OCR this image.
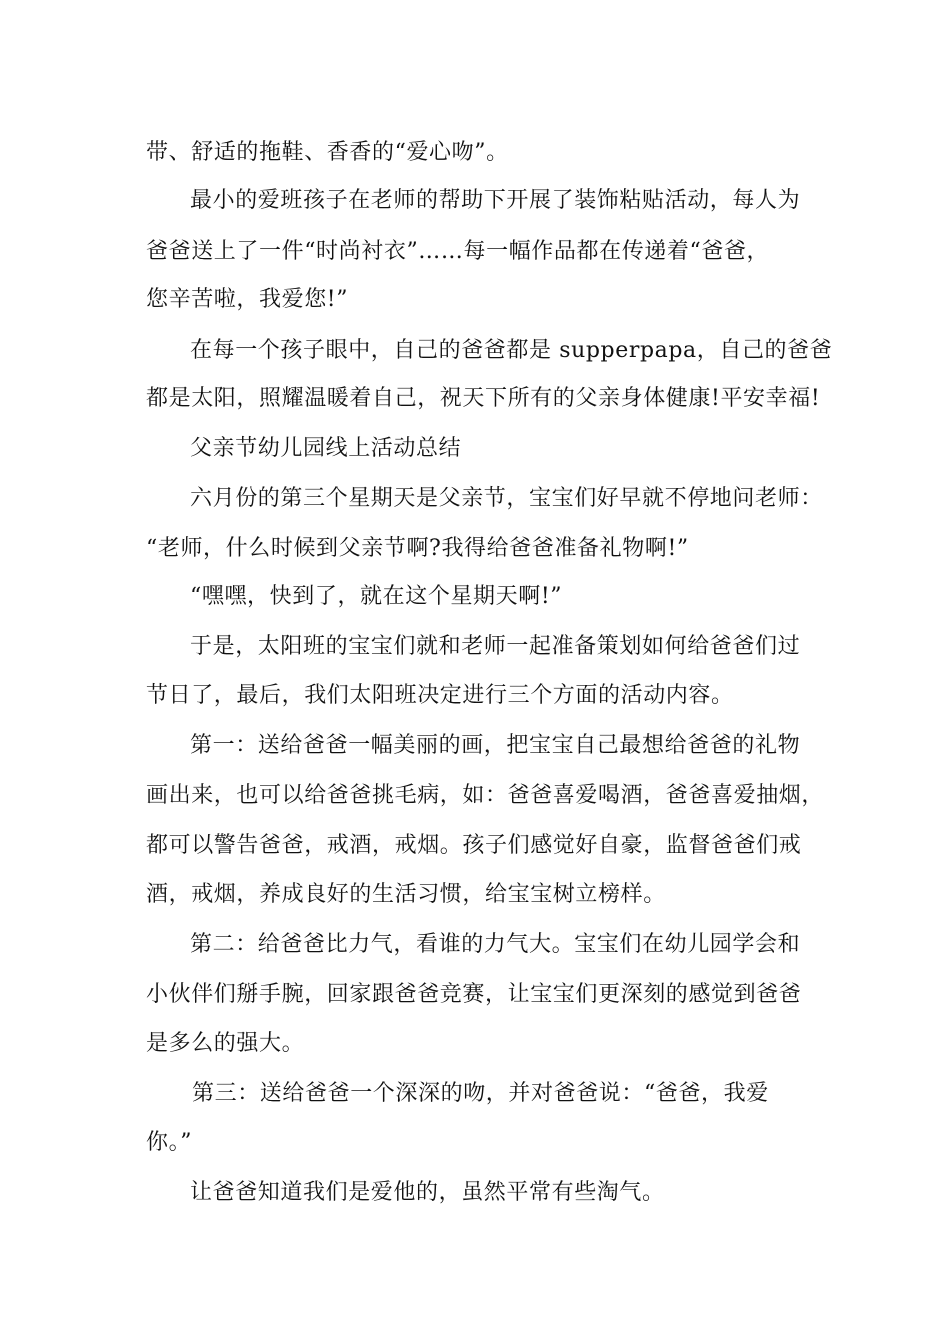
带、舒适的拖鞋、香香的“爱心吻”。
最小的爱班孩子在老师的帮助下开展了装饰粘贴活动，每人为
爸爸送上了一件“时尚衬衣”……每一幅作品都在传递着“爸爸，
您辛苦啦，我爱您!”
在每一个孩子眼中，自己的爸爸都是 supperpapa，自己的爸爸
都是太阳，照耀温暖着自己，祝天下所有的父亲身体健康!平安幸福!
父亲节幼儿园线上活动总结
六月份的第三个星期天是父亲节，宝宝们好早就不停地问老师：
“老师，什么时候到父亲节啊?我得给爸爸准备礼物啊!”
“嘿嘿，快到了，就在这个星期天啊!”
于是，太阳班的宝宝们就和老师一起准备策划如何给爸爸们过
节日了，最后，我们太阳班决定进行三个方面的活动内容。
第一：送给爸爸一幅美丽的画，把宝宝自己最想给爸爸的礼物
画出来，也可以给爸爸挑毛病，如：爸爸喜爱喝酒，爸爸喜爱抽烟，
都可以警告爸爸，戒酒，戒烟。孩子们感觉好自豪，监督爸爸们戒
酒，戒烟，养成良好的生活习惯，给宝宝树立榜样。
第二：给爸爸比力气，看谁的力气大。宝宝们在幼儿园学会和
小伙伴们掰手腕，回家跟爸爸竞赛，让宝宝们更深刻的感觉到爸爸
是多么的强大。
第三：送给爸爸一个深深的吻，并对爸爸说：“爸爸，我爱
你。”
让爸爸知道我们是爱他的，虽然平常有些淘气。
